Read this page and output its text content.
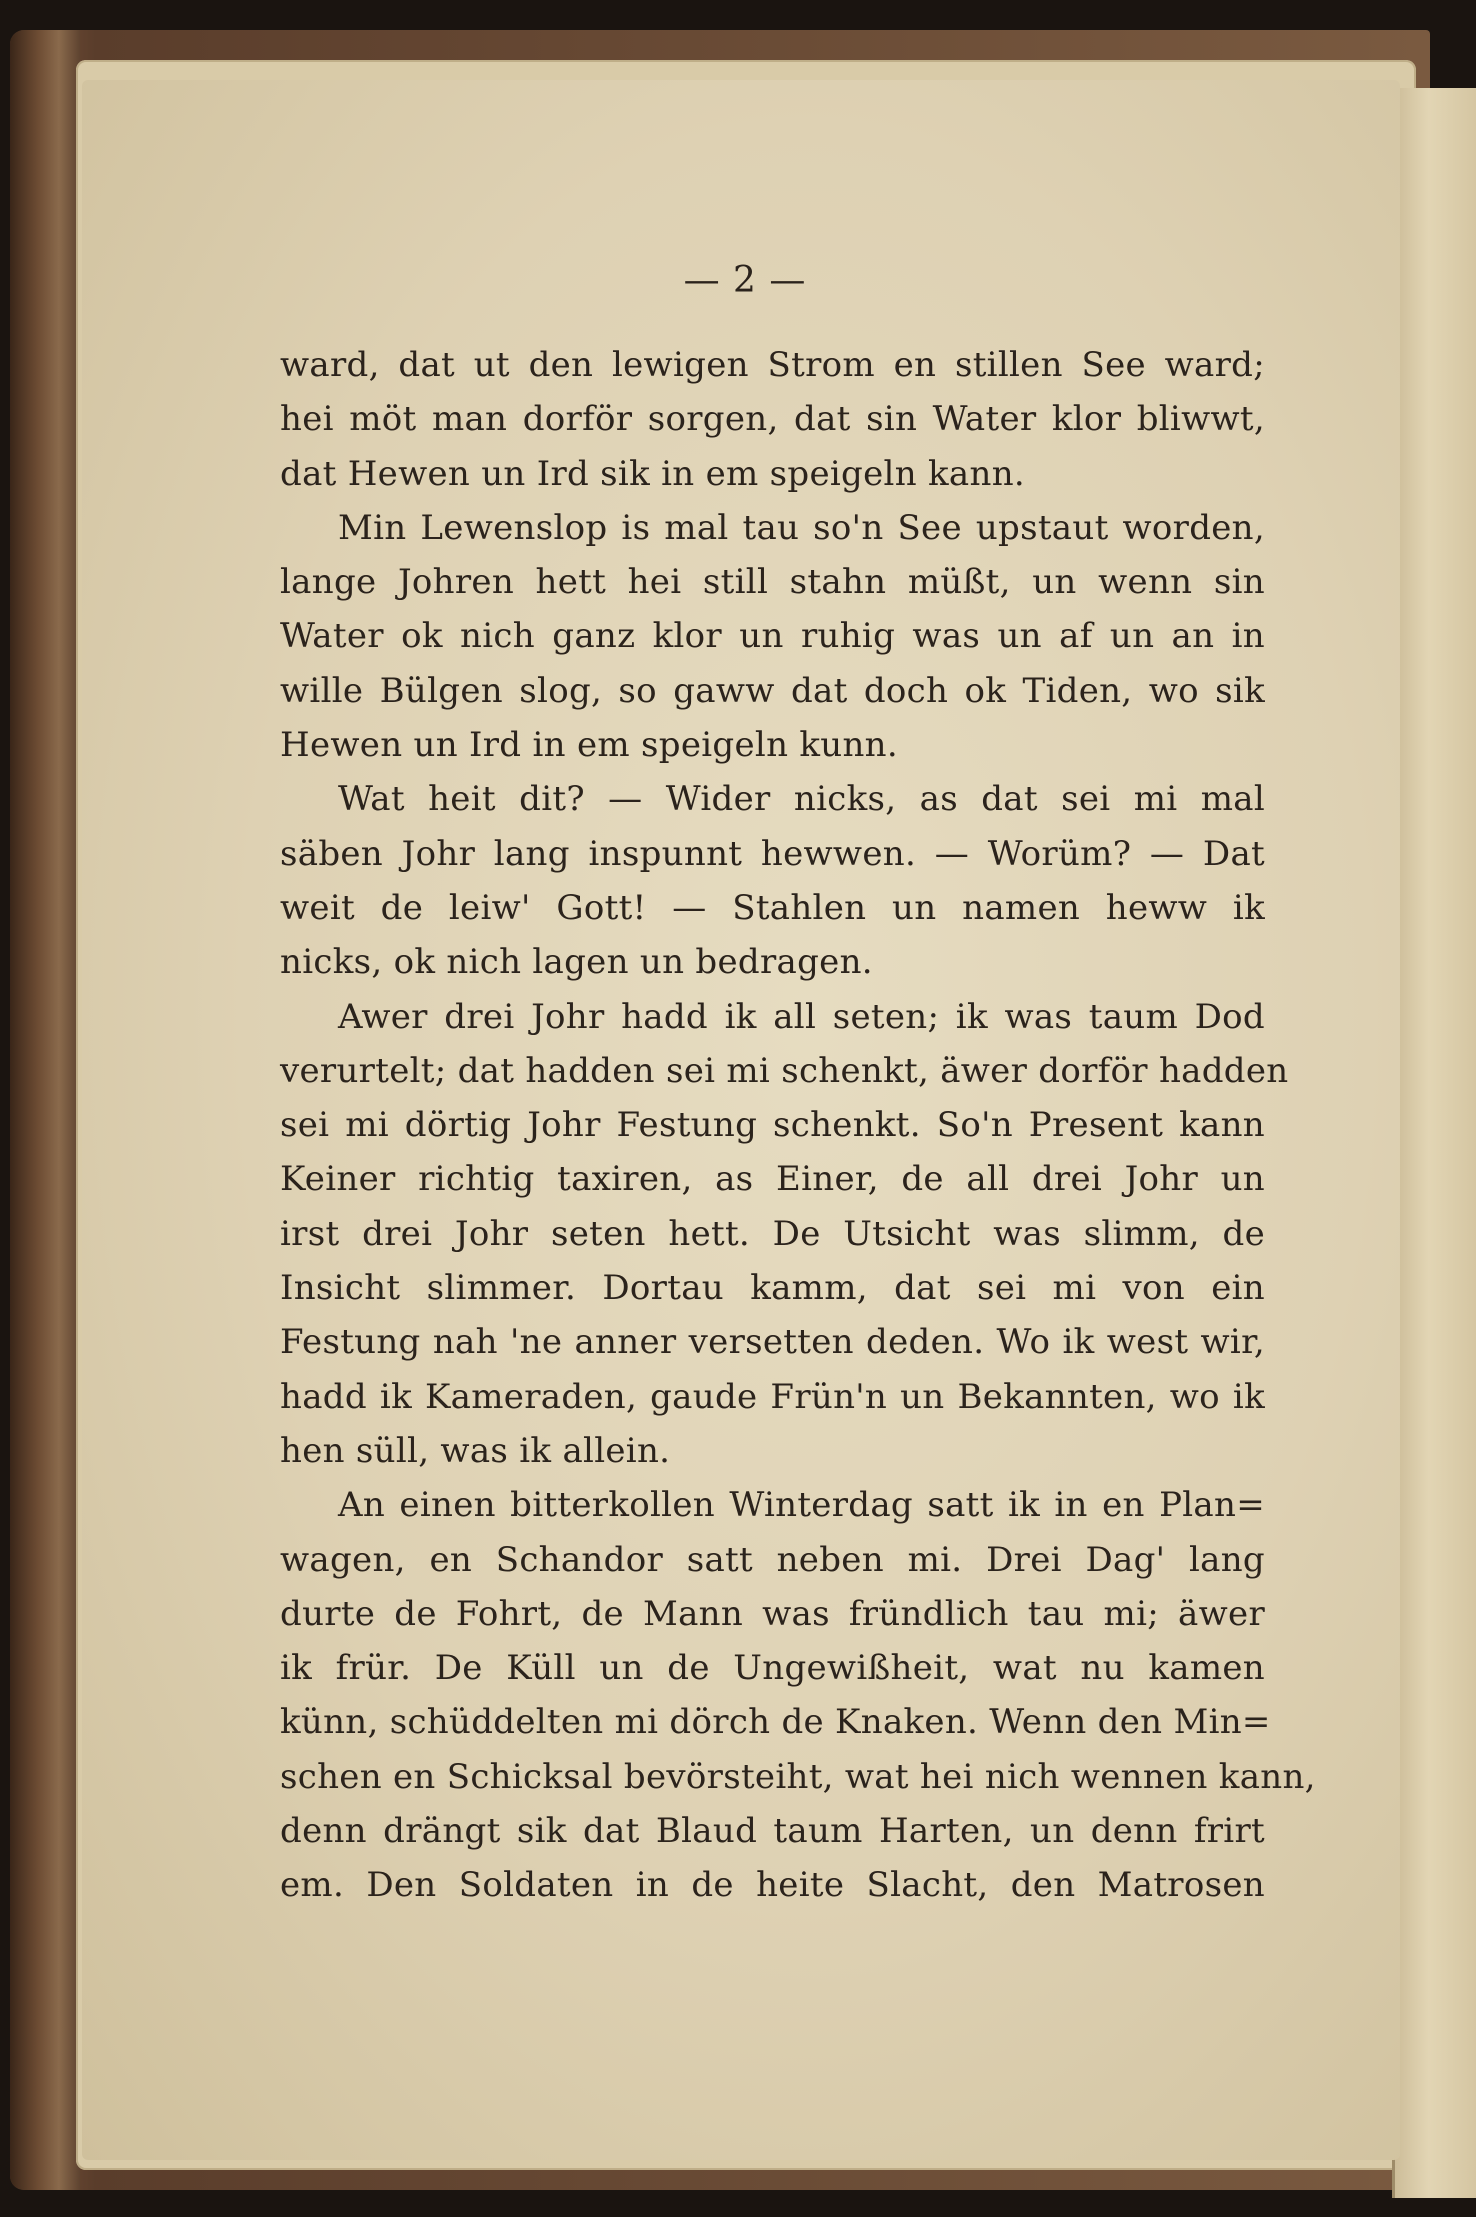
— 2 —
ward, dat ut den lewigen Strom en stillen See ward;
hei möt man dorför sorgen, dat sin Water klor bliwwt,
dat Hewen un Ird sik in em speigeln kann.
Min Lewenslop is mal tau so'n See upstaut worden,
lange Johren hett hei still stahn müßt, un wenn sin
Water ok nich ganz klor un ruhig was un af un an in
wille Bülgen slog, so gaww dat doch ok Tiden, wo sik
Hewen un Ird in em speigeln kunn.
Wat heit dit? — Wider nicks, as dat sei mi mal
säben Johr lang inspunnt hewwen. — Worüm? — Dat
weit de leiw' Gott! — Stahlen un namen heww ik
nicks, ok nich lagen un bedragen.
Awer drei Johr hadd ik all seten; ik was taum Dod
verurtelt; dat hadden sei mi schenkt, äwer dorför hadden
sei mi dörtig Johr Festung schenkt. So'n Present kann
Keiner richtig taxiren, as Einer, de all drei Johr un
irst drei Johr seten hett. De Utsicht was slimm, de
Insicht slimmer. Dortau kamm, dat sei mi von ein
Festung nah 'ne anner versetten deden. Wo ik west wir,
hadd ik Kameraden, gaude Frün'n un Bekannten, wo ik
hen süll, was ik allein.
An einen bitterkollen Winterdag satt ik in en Plan=
wagen, en Schandor satt neben mi. Drei Dag' lang
durte de Fohrt, de Mann was fründlich tau mi; äwer
ik frür. De Küll un de Ungewißheit, wat nu kamen
künn, schüddelten mi dörch de Knaken. Wenn den Min=
schen en Schicksal bevörsteiht, wat hei nich wennen kann,
denn drängt sik dat Blaud taum Harten, un denn frirt
em. Den Soldaten in de heite Slacht, den Matrosen
